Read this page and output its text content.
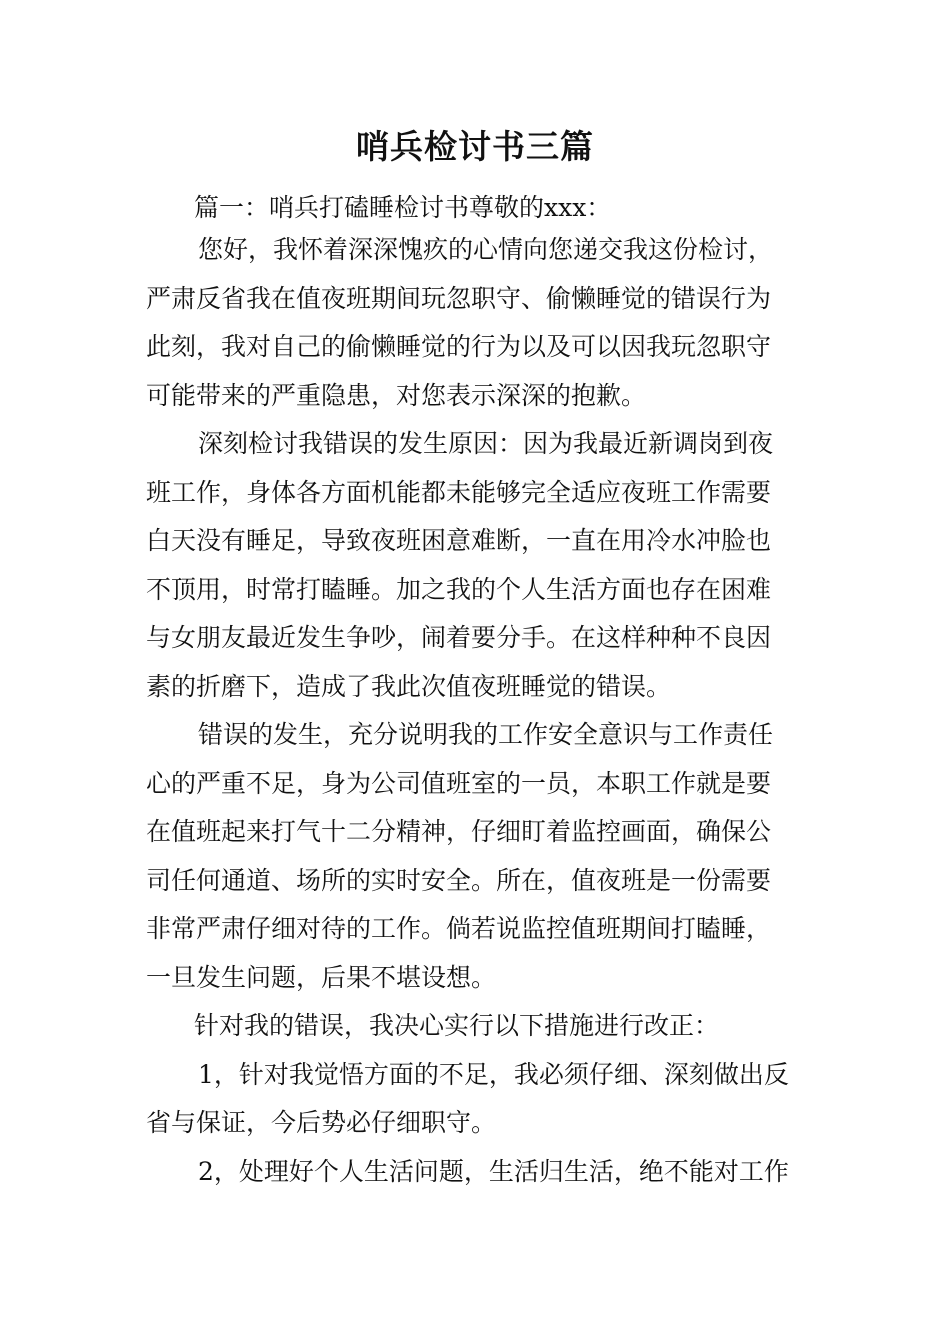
哨兵检讨书三篇
篇一：哨兵打磕睡检讨书尊敬的xxx：
您好，我怀着深深愧疚的心情向您递交我这份检讨，
严肃反省我在值夜班期间玩忽职守、偷懒睡觉的错误行为
此刻，我对自己的偷懒睡觉的行为以及可以因我玩忽职守
可能带来的严重隐患，对您表示深深的抱歉。
深刻检讨我错误的发生原因：因为我最近新调岗到夜
班工作，身体各方面机能都未能够完全适应夜班工作需要
白天没有睡足，导致夜班困意难断，一直在用冷水冲脸也
不顶用，时常打瞌睡。加之我的个人生活方面也存在困难
与女朋友最近发生争吵，闹着要分手。在这样种种不良因
素的折磨下，造成了我此次值夜班睡觉的错误。
错误的发生，充分说明我的工作安全意识与工作责任
心的严重不足，身为公司值班室的一员，本职工作就是要
在值班起来打气十二分精神，仔细盯着监控画面，确保公
司任何通道、场所的实时安全。所在，值夜班是一份需要
非常严肃仔细对待的工作。倘若说监控值班期间打瞌睡，
一旦发生问题，后果不堪设想。
针对我的错误，我决心实行以下措施进行改正：
1，针对我觉悟方面的不足，我必须仔细、深刻做出反
省与保证，今后势必仔细职守。
2，处理好个人生活问题，生活归生活，绝不能对工作
